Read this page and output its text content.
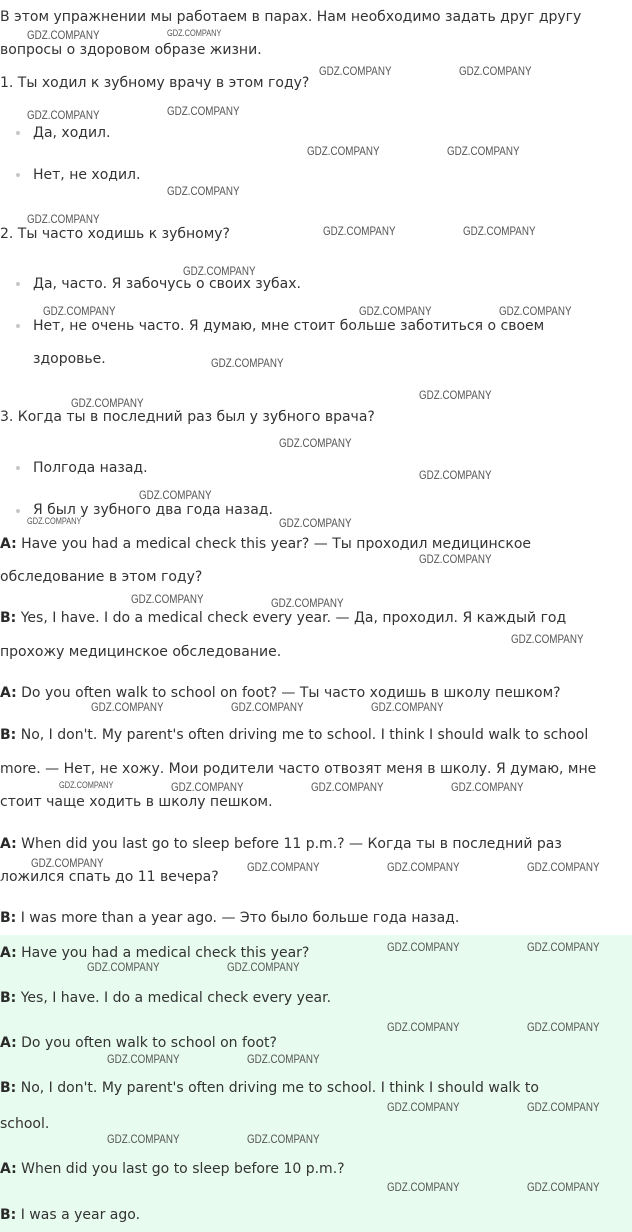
В этом упражнении мы работаем в парах. Нам необходимо задать друг другу
вопросы о здоровом образе жизни.
1. Ты ходил к зубному врачу в этом году?
Да, ходил.
Нет, не ходил.
2. Ты часто ходишь к зубному?
Да, часто. Я забочусь о своих зубах.
Нет, не очень часто. Я думаю, мне стоит больше заботиться о своем
здоровье.
3. Когда ты в последний раз был у зубного врача?
Полгода назад.
Я был у зубного два года назад.
A: Have you had a medical check this year? — Ты проходил медицинское
обследование в этом году?
B: Yes, I have. I do a medical check every year. — Да, проходил. Я каждый год
прохожу медицинское обследование.
A: Do you often walk to school on foot? — Ты часто ходишь в школу пешком?
B: No, I don't. My parent's often driving me to school. I think I should walk to school
more. — Нет, не хожу. Мои родители часто отвозят меня в школу. Я думаю, мне
стоит чаще ходить в школу пешком.
A: When did you last go to sleep before 11 p.m.? — Когда ты в последний раз
ложился спать до 11 вечера?
B: I was more than a year ago. — Это было больше года назад.
A: Have you had a medical check this year?
B: Yes, I have. I do a medical check every year.
A: Do you often walk to school on foot?
B: No, I don't. My parent's often driving me to school. I think I should walk to
school.
A: When did you last go to sleep before 10 p.m.?
B: I was a year ago.
GDZ.COMPANY	GDZ.COMPANY
GDZ.COMPANY	GDZ.COMPANY
GDZ.COMPANY	GDZ.COMPANY
GDZ.COMPANY	GDZ.COMPANY
GDZ.COMPANY
GDZ.COMPANY
GDZ.COMPANY	GDZ.COMPANY
GDZ.COMPANY
GDZ.COMPANY	GDZ.COMPANY	GDZ.COMPANY
GDZ.COMPANY
GDZ.COMPANY
GDZ.COMPANY
GDZ.COMPANY
GDZ.COMPANY
GDZ.COMPANY
GDZ.COMPANY	GDZ.COMPANY
GDZ.COMPANY
GDZ.COMPANY	GDZ.COMPANY
GDZ.COMPANY
GDZ.COMPANY	GDZ.COMPANY	GDZ.COMPANY
GDZ.COMPANY	GDZ.COMPANY	GDZ.COMPANY	GDZ.COMPANY
GDZ.COMPANY	GDZ.COMPANY	GDZ.COMPANY	GDZ.COMPANY
GDZ.COMPANY	GDZ.COMPANY
GDZ.COMPANY	GDZ.COMPANY
GDZ.COMPANY	GDZ.COMPANY
GDZ.COMPANY	GDZ.COMPANY
GDZ.COMPANY	GDZ.COMPANY
GDZ.COMPANY	GDZ.COMPANY
GDZ.COMPANY	GDZ.COMPANY
